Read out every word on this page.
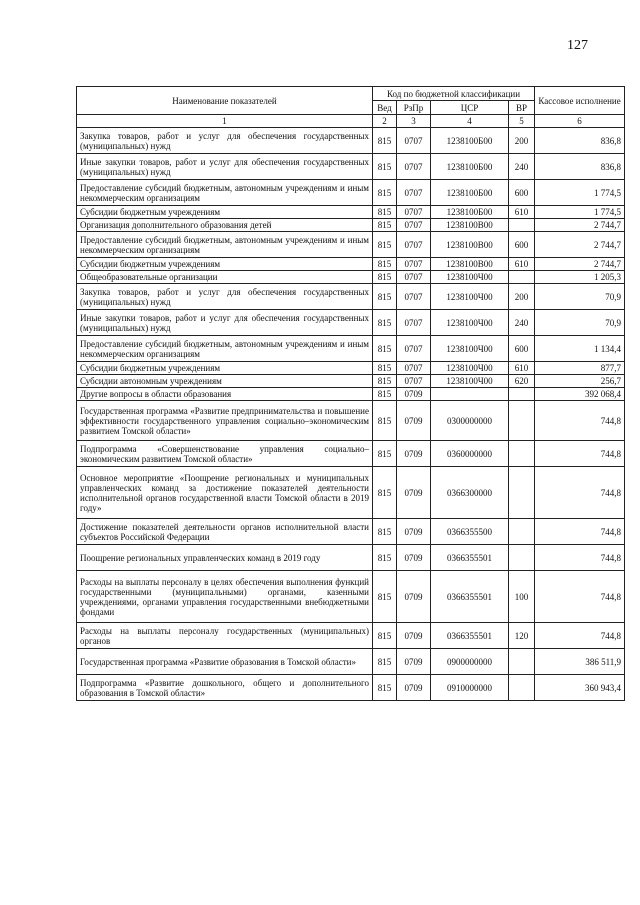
127
Наименование показателей	Код по бюджетной классификации				Кассовое исполнение
	Вед	РзПр	ЦСР	ВР	
1	2	3	4	5	6
Закупка товаров, работ и услуг для обеспечения государственных (муниципальных) нужд	815	0707	1238100Б00	200	836,8
Иные закупки товаров, работ и услуг для обеспечения государственных (муниципальных) нужд	815	0707	1238100Б00	240	836,8
Предоставление субсидий бюджетным, автономным учреждениям и иным некоммерческим организациям	815	0707	1238100Б00	600	1 774,5
Субсидии бюджетным учреждениям	815	0707	1238100Б00	610	1 774,5
Организация дополнительного образования детей	815	0707	1238100В00		2 744,7
Предоставление субсидий бюджетным, автономным учреждениям и иным некоммерческим организациям	815	0707	1238100В00	600	2 744,7
Субсидии бюджетным учреждениям	815	0707	1238100В00	610	2 744,7
Общеобразовательные организации	815	0707	1238100Ч00		1 205,3
Закупка товаров, работ и услуг для обеспечения государственных (муниципальных) нужд	815	0707	1238100Ч00	200	70,9
Иные закупки товаров, работ и услуг для обеспечения государственных (муниципальных) нужд	815	0707	1238100Ч00	240	70,9
Предоставление субсидий бюджетным, автономным учреждениям и иным некоммерческим организациям	815	0707	1238100Ч00	600	1 134,4
Субсидии бюджетным учреждениям	815	0707	1238100Ч00	610	877,7
Субсидии автономным учреждениям	815	0707	1238100Ч00	620	256,7
Другие вопросы в области образования	815	0709			392 068,4
Государственная программа «Развитие предпринимательства и повышение эффективности государственного управления социально–экономическим развитием Томской области»	815	0709	0300000000		744,8
Подпрограмма «Совершенствование управления социально–экономическим развитием Томской области»	815	0709	0360000000		744,8
Основное мероприятие «Поощрение региональных и муниципальных управленческих команд за достижение показателей деятельности исполнительной органов государственной власти Томской области в 2019 году»	815	0709	0366300000		744,8
Достижение показателей деятельности органов исполнительной власти субъектов Российской Федерации	815	0709	0366355500		744,8
Поощрение региональных управленческих команд в 2019 году	815	0709	0366355501		744,8
Расходы на выплаты персоналу в целях обеспечения выполнения функций государственными (муниципальными) органами, казенными учреждениями, органами управления государственными внебюджетными фондами	815	0709	0366355501	100	744,8
Расходы на выплаты персоналу государственных (муниципальных) органов	815	0709	0366355501	120	744,8
Государственная программа «Развитие образования в Томской области»	815	0709	0900000000		386 511,9
Подпрограмма «Развитие дошкольного, общего и дополнительного образования в Томской области»	815	0709	0910000000		360 943,4
